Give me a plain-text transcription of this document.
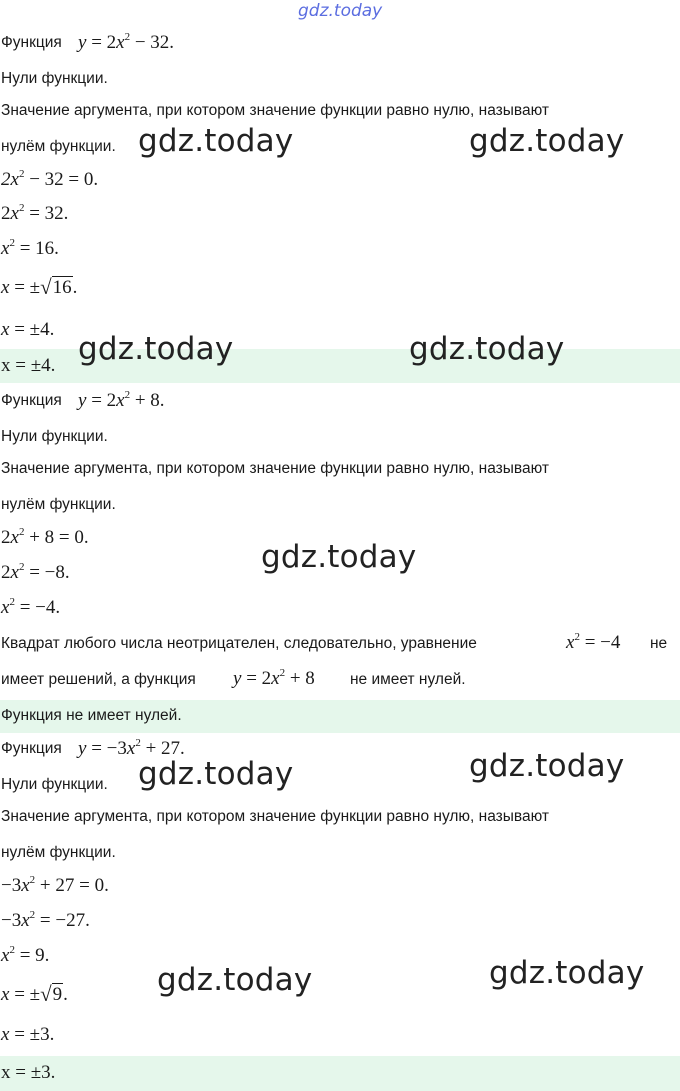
gdz.today
Функция $y = 2x^2 - 32$.
Нули функции.
Значение аргумента, при котором значение функции равно нулю, называют
нулём функции.
$2x^2 - 32 = 0$.
$2x^2 = 32$.
$x^2 = 16$.
x = ±√16.
x = ±4.
x = ±4.
Функция $y = 2x^2 + 8$.
Нули функции.
Значение аргумента, при котором значение функции равно нулю, называют
нулём функции.
$2x^2 + 8 = 0$.
$2x^2 = -8$.
$x^2 = -4$.
Квадрат любого числа неотрицателен, следовательно, уравнение	$x^2 = -4$ не
имеет решений, а функция $y = 2x^2 + 8$ не имеет нулей.
Функция не имеет нулей.
Функция $y = -3x^2 + 27$.
Нули функции.
Значение аргумента, при котором значение функции равно нулю, называют
нулём функции.
$-3x^2 + 27 = 0$.
$-3x^2 = -27$.
$x^2 = 9$.
x = ±√9.
x = ±3.
x = ±3.
gdz.today	gdz.today
gdz.today	gdz.today
gdz.today
gdz.today	gdz.today
gdz.today	gdz.today
